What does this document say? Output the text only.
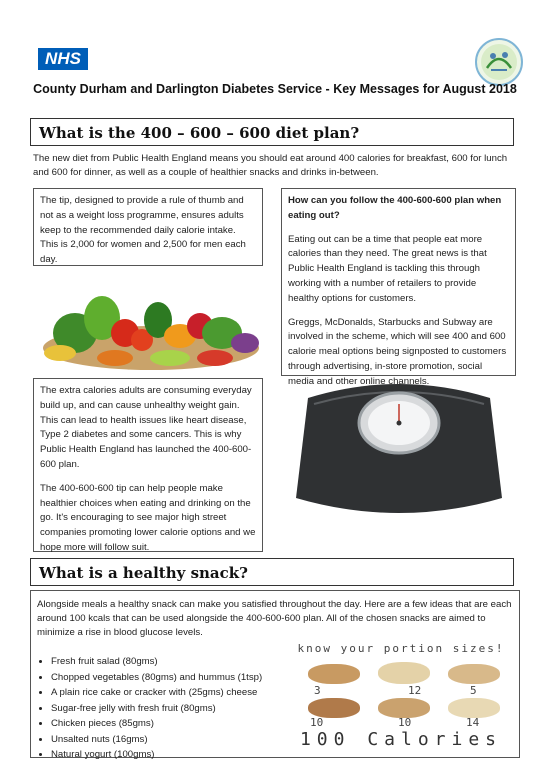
NHS
County Durham and Darlington Diabetes Service - Key Messages for August 2018
What is the 400 – 600 – 600 diet plan?
The new diet from Public Health England means you should eat around 400 calories for breakfast, 600 for lunch and 600 for dinner, as well as a couple of healthier snacks and drinks in-between.
The tip, designed to provide a rule of thumb and not as a weight loss programme, ensures adults keep to the recommended daily calorie intake. This is 2,000 for women and 2,500 for men each day.

How can you follow the 400-600-600 plan when eating out?

Eating out can be a time that people eat more calories than they need. The great news is that Public Health England is tackling this through working with a number of retailers to provide healthy options for customers.

Greggs, McDonalds, Starbucks and Subway are involved in the scheme, which will see 400 and 600 calorie meal options being signposted to customers through advertising, in-store promotion, social media and other online channels.

The extra calories adults are consuming everyday build up, and can cause unhealthy weight gain. This can lead to health issues like heart disease, Type 2 diabetes and some cancers. This is why Public Health England has launched the 400-600-600 plan.

The 400-600-600 tip can help people make healthier choices when eating and drinking on the go. It's encouraging to see major high street companies promoting lower calorie options and we hope more will follow suit.

What is a healthy snack?
Alongside meals a healthy snack can make you satisfied throughout the day. Here are a few ideas that are each around 100 kcals that can be used alongside the 400-600-600 plan. All of the chosen snacks are aimed to minimize a rise in blood glucose levels.
• Fresh fruit salad (80gms)
• Chopped vegetables (80gms) and hummus (1tsp)
• A plain rice cake or cracker with (25gms) cheese
• Sugar-free jelly with fresh fruit (80gms)
• Chicken pieces (85gms)
• Unsalted nuts (16gms)
• Natural yogurt (100gms)
know your portion sizes!
3	12	5
10	10	14
100 Calories
